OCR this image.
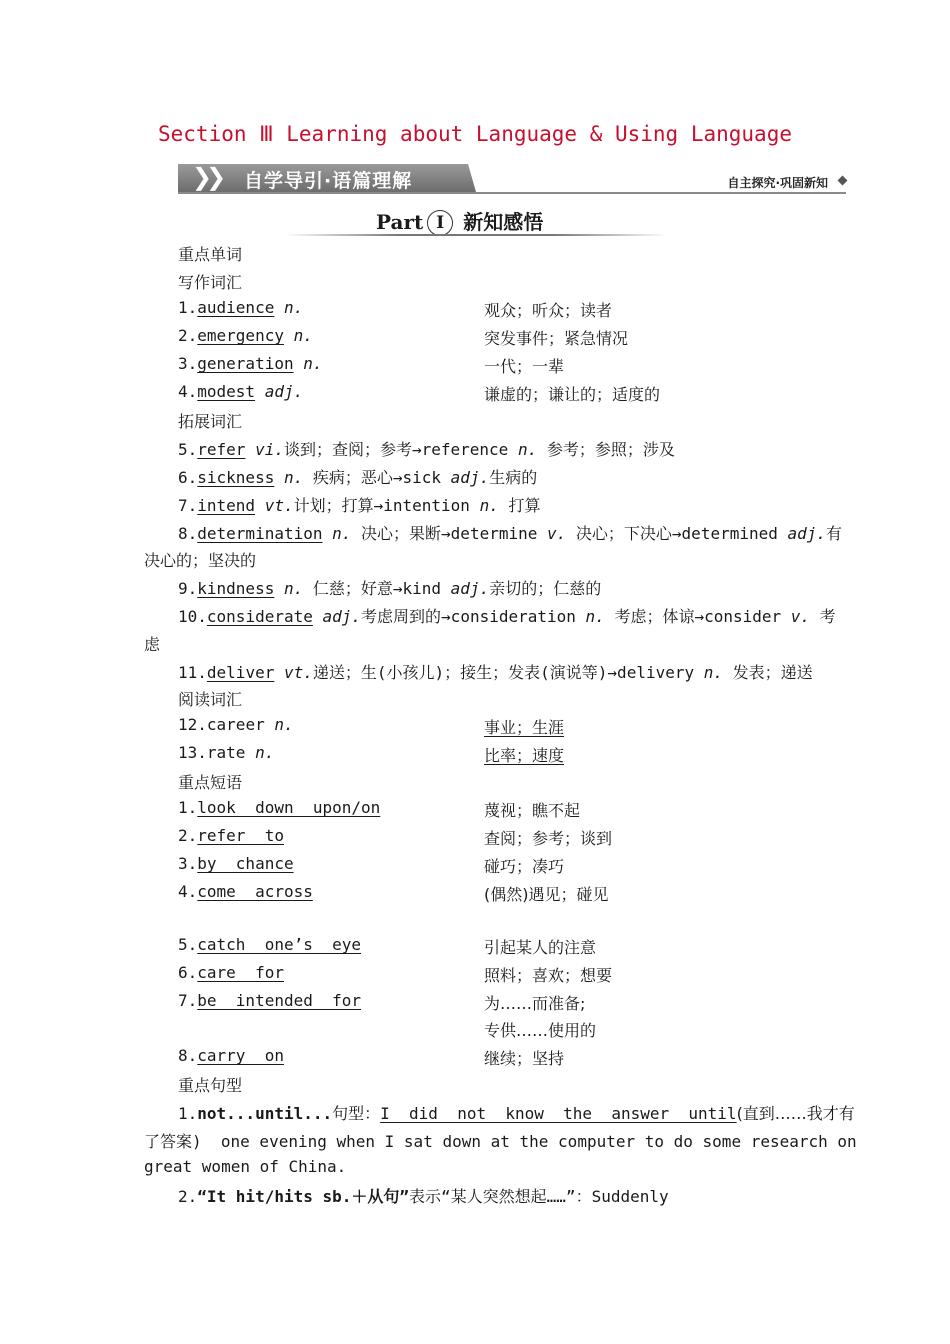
Section Ⅲ Learning about Language & Using Language
❯❯ 自学导引·语篇理解	自主探究·巩固新知
Part I 新知感悟
重点单词
写作词汇
1.audience n.	观众；听众；读者
2.emergency n.	突发事件；紧急情况
3.generation n.	一代；一辈
4.modest adj.	谦虚的；谦让的；适度的
拓展词汇
5.refer vi.谈到；查阅；参考→reference n. 参考；参照；涉及
6.sickness n. 疾病；恶心→sick adj.生病的
7.intend vt.计划；打算→intention n. 打算
8.determination n. 决心；果断→determine v. 决心；下决心→determined adj.有
决心的；坚决的
9.kindness n. 仁慈；好意→kind adj.亲切的；仁慈的
10.considerate adj.考虑周到的→consideration n. 考虑；体谅→consider v. 考
虑
11.deliver vt.递送；生(小孩儿)；接生；发表(演说等)→delivery n. 发表；递送
阅读词汇
12.career n.	事业；生涯
13.rate n.	比率；速度
重点短语
1.look  down  upon/on	蔑视；瞧不起
2.refer  to	查阅；参考；谈到
3.by  chance	碰巧；凑巧
4.come  across	(偶然)遇见；碰见
5.catch  one’s  eye	引起某人的注意
6.care  for	照料；喜欢；想要
7.be  intended  for	为……而准备;
专供……使用的
8.carry  on	继续；坚持
重点句型
1.not...until...句型：I  did  not  know  the  answer  until(直到……我才有
了答案)  one evening when I sat down at the computer to do some research on
great women of China.
2.“It hit/hits sb.＋从句”表示“某人突然想起……”：Suddenly
